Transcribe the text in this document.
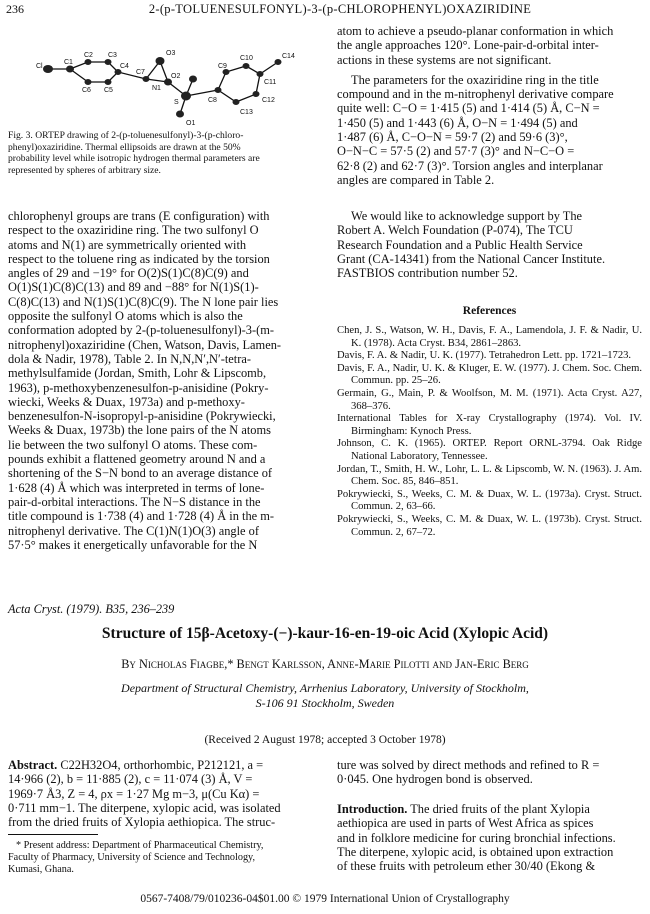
236	2-(p-TOLUENESULFONYL)-3-(p-CHLOROPHENYL)OXAZIRIDINE
Cl
C1
C2 C3
C4
C5
C6
C7
N1
O2
O3
S
O1
C8
C9
C10
C11
C12
C13
C14
Fig. 3. ORTEP drawing of 2-(p-toluenesulfonyl)-3-(p-chloro-
phenyl)oxaziridine. Thermal ellipsoids are drawn at the 50%
probability level while isotropic hydrogen thermal parameters are
represented by spheres of arbitrary size.
chlorophenyl groups are trans (E configuration) with
respect to the oxaziridine ring. The two sulfonyl O
atoms and N(1) are symmetrically oriented with
respect to the toluene ring as indicated by the torsion
angles of 29 and −19° for O(2)S(1)C(8)C(9) and
O(1)S(1)C(8)C(13) and 89 and −88° for N(1)S(1)-
C(8)C(13) and N(1)S(1)C(8)C(9). The N lone pair lies
opposite the sulfonyl O atoms which is also the
conformation adopted by 2-(p-toluenesulfonyl)-3-(m-
nitrophenyl)oxaziridine (Chen, Watson, Davis, Lamen-
dola & Nadir, 1978), Table 2. In N,N,N′,N′-tetra-
methylsulfamide (Jordan, Smith, Lohr & Lipscomb,
1963), p-methoxybenzenesulfon-p-anisidine (Pokry-
wiecki, Weeks & Duax, 1973a) and p-methoxy-
benzenesulfon-N-isopropyl-p-anisidine (Pokrywiecki,
Weeks & Duax, 1973b) the lone pairs of the N atoms
lie between the two sulfonyl O atoms. These com-
pounds exhibit a flattened geometry around N and a
shortening of the S−N bond to an average distance of
1·628 (4) Å which was interpreted in terms of lone-
pair-d-orbital interactions. The N−S distance in the
title compound is 1·738 (4) and 1·728 (4) Å in the m-
nitrophenyl derivative. The C(1)N(1)O(3) angle of
57·5° makes it energetically unfavorable for the N
atom to achieve a pseudo-planar conformation in which
the angle approaches 120°. Lone-pair-d-orbital inter-
actions in these systems are not significant.
The parameters for the oxaziridine ring in the title
compound and in the m-nitrophenyl derivative compare
quite well: C−O = 1·415 (5) and 1·414 (5) Å, C−N =
1·450 (5) and 1·443 (6) Å, O−N = 1·494 (5) and
1·487 (6) Å, C−O−N = 59·7 (2) and 59·6 (3)°,
O−N−C = 57·5 (2) and 57·7 (3)° and N−C−O =
62·8 (2) and 62·7 (3)°. Torsion angles and interplanar
angles are compared in Table 2.
We would like to acknowledge support by The
Robert A. Welch Foundation (P-074), The TCU
Research Foundation and a Public Health Service
Grant (CA-14341) from the National Cancer Institute.
FASTBIOS contribution number 52.
References
Chen, J. S., Watson, W. H., Davis, F. A., Lamendola, J. F. & Nadir, U. K. (1978). Acta Cryst. B34, 2861–2863.
Davis, F. A. & Nadir, U. K. (1977). Tetrahedron Lett. pp. 1721–1723.
Davis, F. A., Nadir, U. K. & Kluger, E. W. (1977). J. Chem. Soc. Chem. Commun. pp. 25–26.
Germain, G., Main, P. & Woolfson, M. M. (1971). Acta Cryst. A27, 368–376.
International Tables for X-ray Crystallography (1974). Vol. IV. Birmingham: Kynoch Press.
Johnson, C. K. (1965). ORTEP. Report ORNL-3794. Oak Ridge National Laboratory, Tennessee.
Jordan, T., Smith, H. W., Lohr, L. L. & Lipscomb, W. N. (1963). J. Am. Chem. Soc. 85, 846–851.
Pokrywiecki, S., Weeks, C. M. & Duax, W. L. (1973a). Cryst. Struct. Commun. 2, 63–66.
Pokrywiecki, S., Weeks, C. M. & Duax, W. L. (1973b). Cryst. Struct. Commun. 2, 67–72.
Acta Cryst. (1979). B35, 236–239
Structure of 15β-Acetoxy-(−)-kaur-16-en-19-oic Acid (Xylopic Acid)
By Nicholas Fiagbe,* Bengt Karlsson, Anne-Marie Pilotti and Jan-Eric Berg
Department of Structural Chemistry, Arrhenius Laboratory, University of Stockholm,
S-106 91 Stockholm, Sweden
(Received 2 August 1978; accepted 3 October 1978)
Abstract. C22H32O4, orthorhombic, P212121, a =
14·966 (2), b = 11·885 (2), c = 11·074 (3) Å, V =
1969·7 Å3, Z = 4, ρx = 1·27 Mg m−3, μ(Cu Kα) =
0·711 mm−1. The diterpene, xylopic acid, was isolated
from the dried fruits of Xylopia aethiopica. The struc-
* Present address: Department of Pharmaceutical Chemistry,
Faculty of Pharmacy, University of Science and Technology,
Kumasi, Ghana.
ture was solved by direct methods and refined to R =
0·045. One hydrogen bond is observed.
Introduction. The dried fruits of the plant Xylopia
aethiopica are used in parts of West Africa as spices
and in folklore medicine for curing bronchial infections.
The diterpene, xylopic acid, is obtained upon extraction
of these fruits with petroleum ether 30/40 (Ekong &
0567-7408/79/010236-04$01.00 © 1979 International Union of Crystallography
